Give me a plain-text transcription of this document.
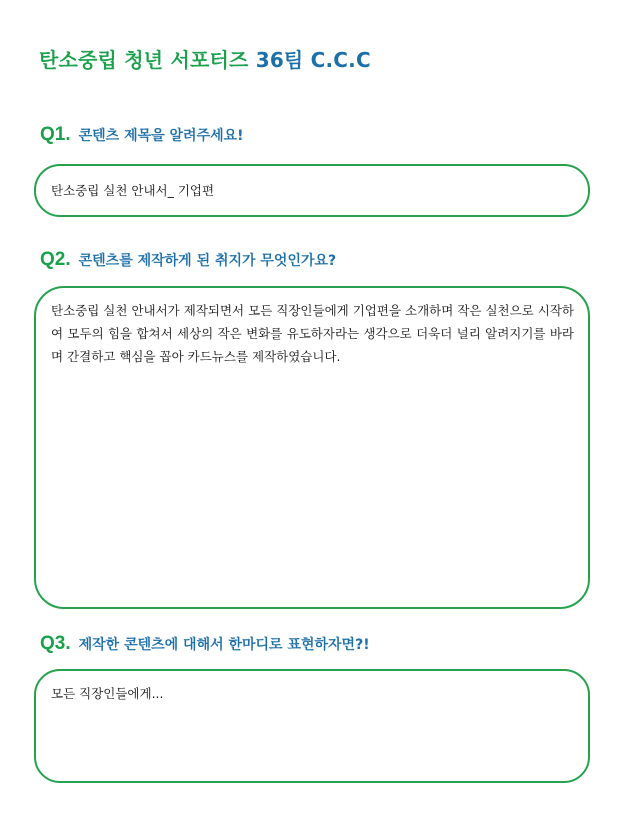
탄소중립 청년 서포터즈 36팀 C.C.C
Q1. 콘텐츠 제목을 알려주세요!
탄소중립 실천 안내서_ 기업편
Q2. 콘텐츠를 제작하게 된 취지가 무엇인가요?
탄소중립 실천 안내서가 제작되면서 모든 직장인들에게 기업편을 소개하며 작은 실천으로 시작하여 모두의 힘을 합쳐서 세상의 작은 변화를 유도하자라는 생각으로 더욱더 널리 알려지기를 바라며 간결하고 핵심을 꼽아 카드뉴스를 제작하였습니다.
Q3. 제작한 콘텐츠에 대해서 한마디로 표현하자면?!
모든 직장인들에게...
